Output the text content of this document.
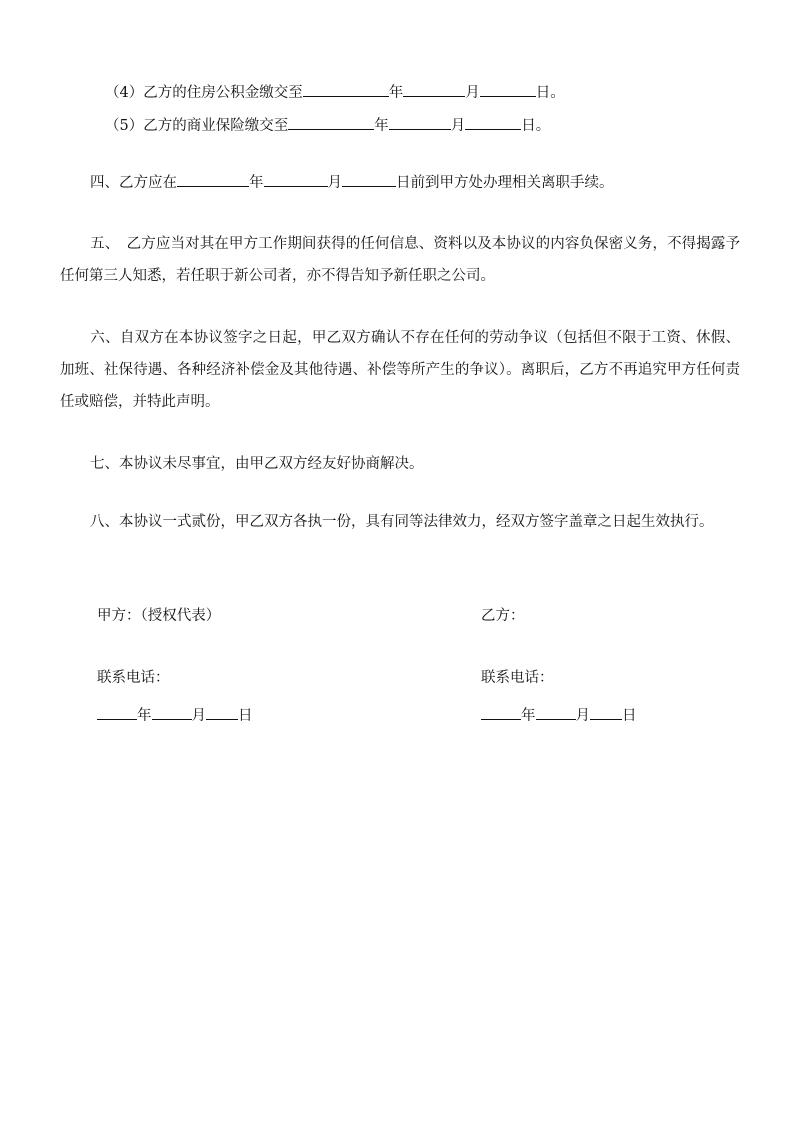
（4）乙方的住房公积金缴交至	年	月	日。
（5）乙方的商业保险缴交至	年	月	日。
四、乙方应在	年	月	日前到甲方处办理相关离职手续。
五、　乙方应当对其在甲方工作期间获得的任何信息、资料以及本协议的内容负保密义务，不得揭露予任何第三人知悉，若任职于新公司者，亦不得告知予新任职之公司。
六、自双方在本协议签字之日起，甲乙双方确认不存在任何的劳动争议（包括但不限于工资、休假、加班、社保待遇、各种经济补偿金及其他待遇、补偿等所产生的争议）。离职后，乙方不再追究甲方任何责任或赔偿，并特此声明。
七、本协议未尽事宜，由甲乙双方经友好协商解决。
八、本协议一式贰份，甲乙双方各执一份，具有同等法律效力，经双方签字盖章之日起生效执行。
甲方：（授权代表）
联系电话：
年	月 日
乙方：
联系电话：
年	月 日
